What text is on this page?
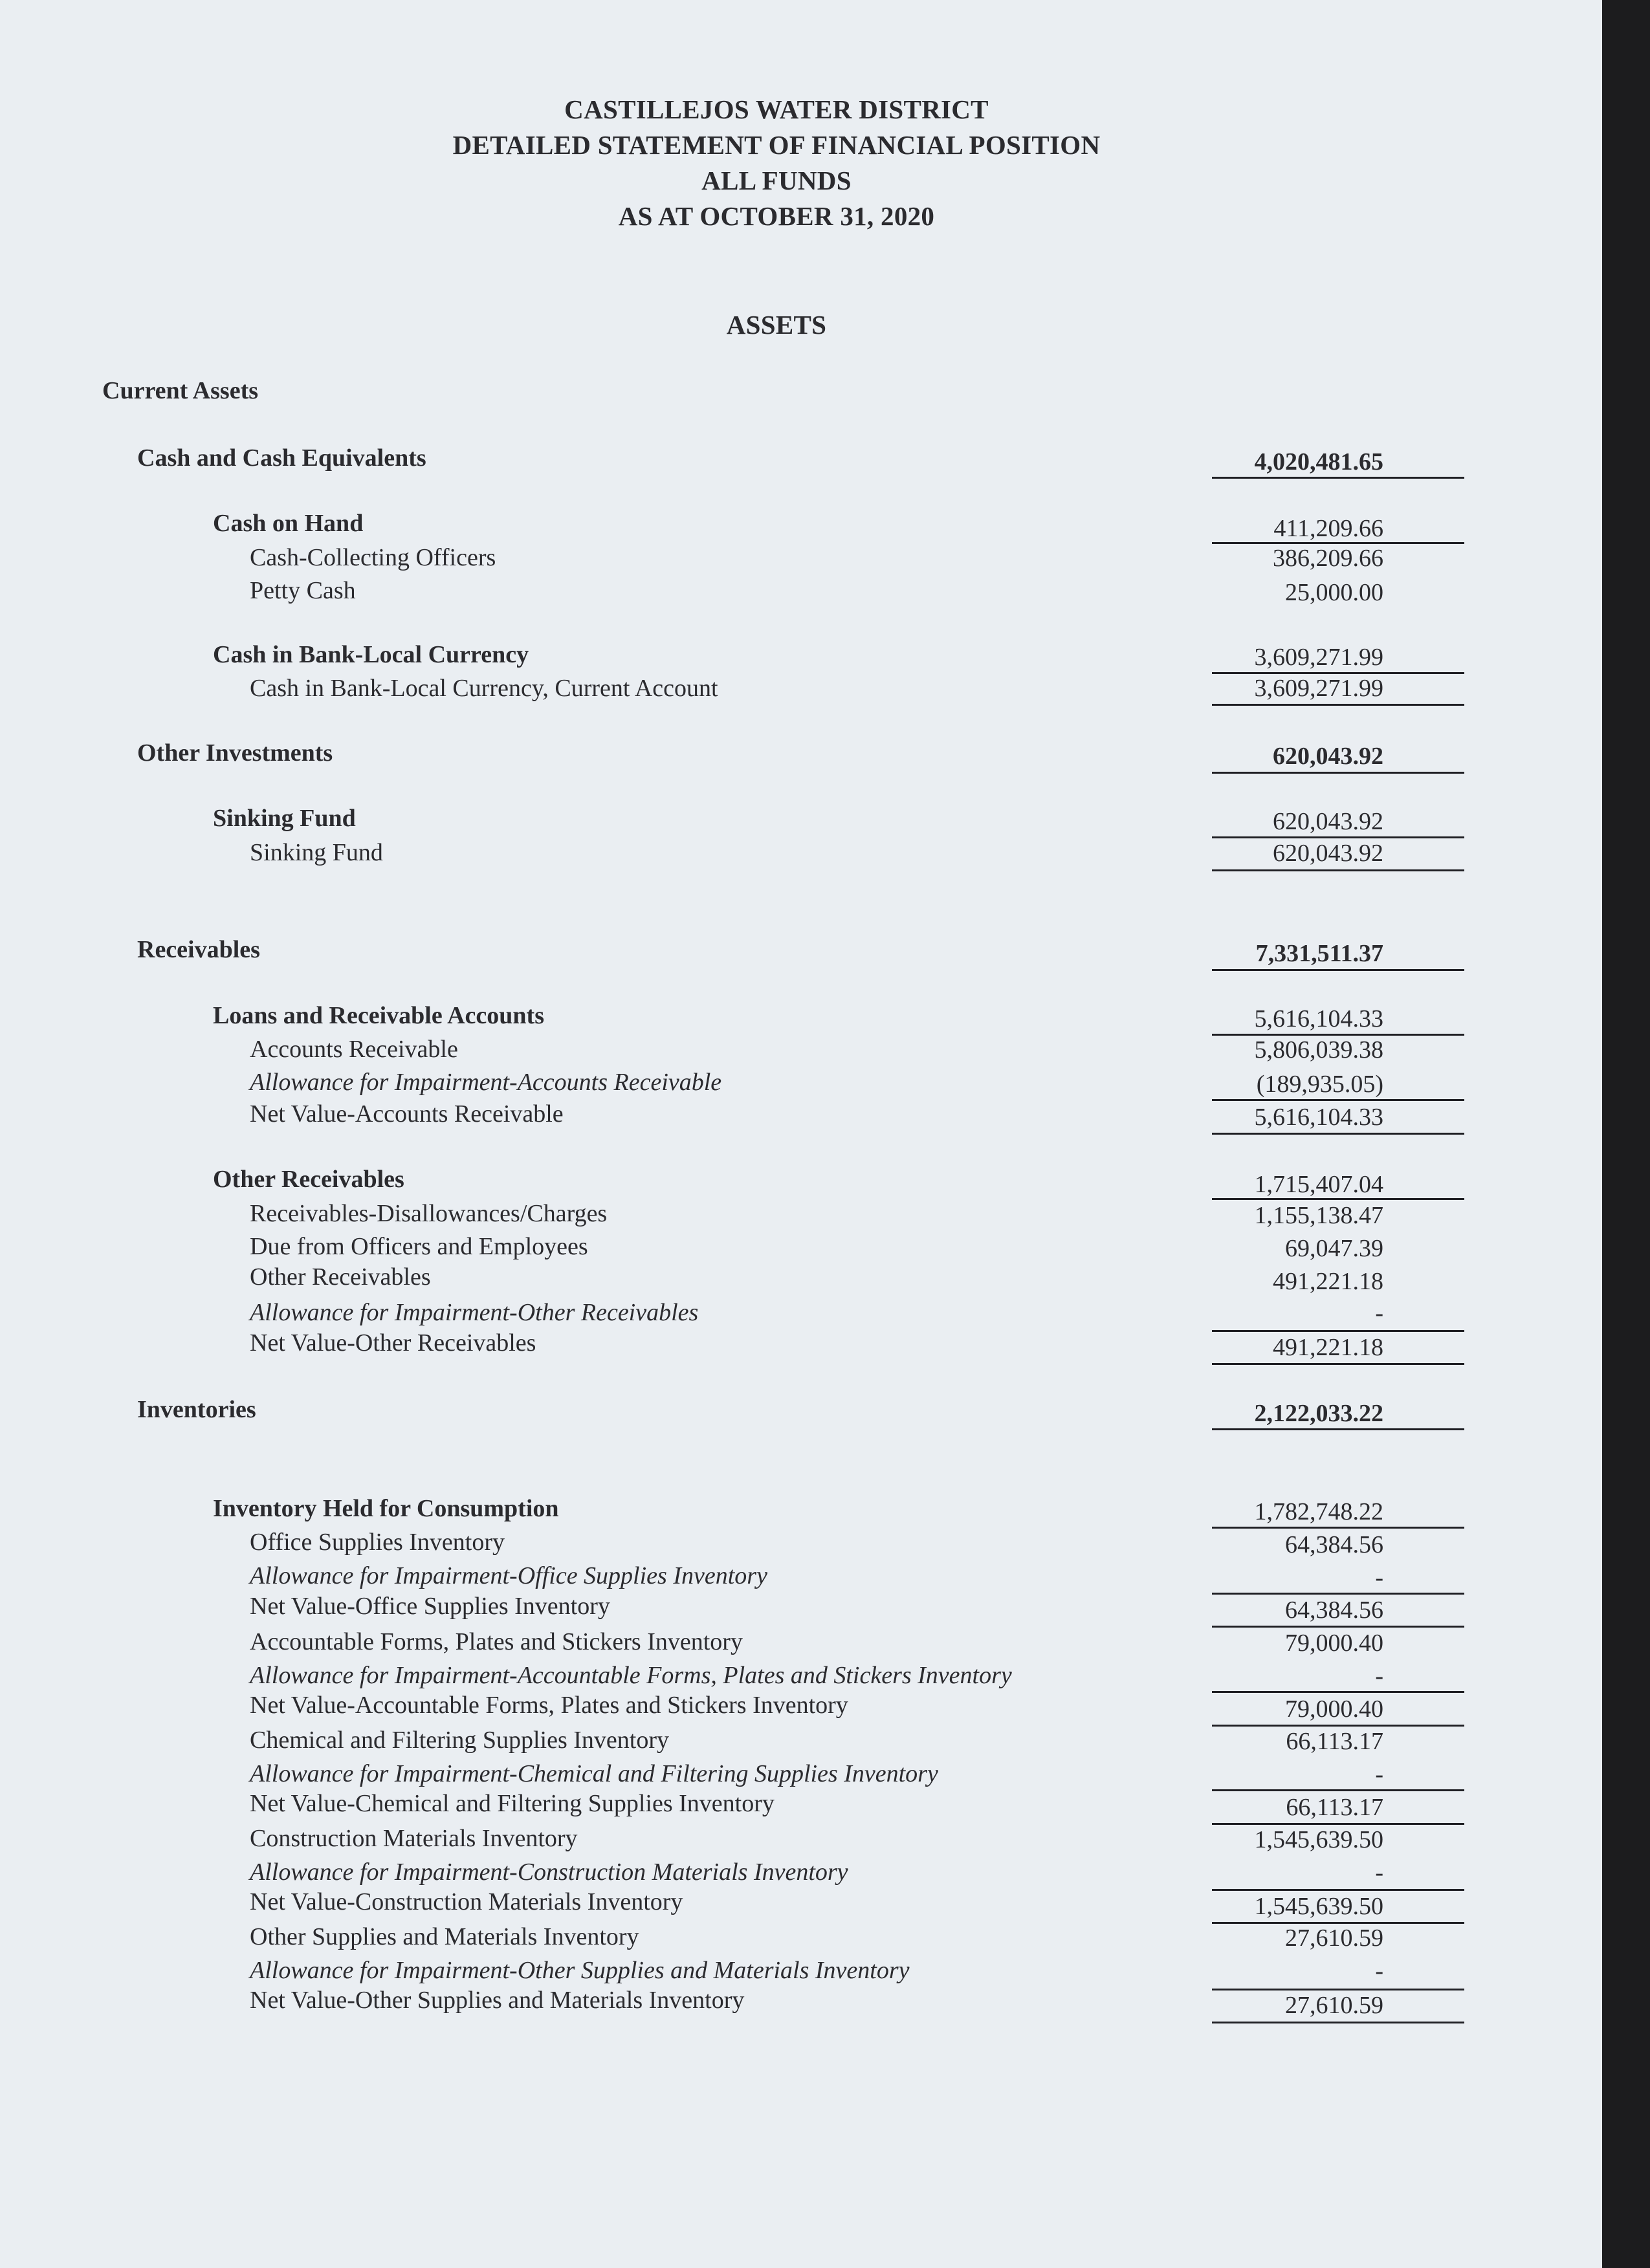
CASTILLEJOS WATER DISTRICT
DETAILED STATEMENT OF FINANCIAL POSITION
ALL FUNDS
AS AT OCTOBER 31, 2020
ASSETS
Current Assets
Cash and Cash Equivalents	4,020,481.65
Cash on Hand	411,209.66
Cash-Collecting Officers	386,209.66
Petty Cash	25,000.00
Cash in Bank-Local Currency	3,609,271.99
Cash in Bank-Local Currency, Current Account	3,609,271.99
Other Investments	620,043.92
Sinking Fund	620,043.92
Sinking Fund	620,043.92
Receivables	7,331,511.37
Loans and Receivable Accounts	5,616,104.33
Accounts Receivable	5,806,039.38
Allowance for Impairment-Accounts Receivable	(189,935.05)
Net Value-Accounts Receivable	5,616,104.33
Other Receivables	1,715,407.04
Receivables-Disallowances/Charges	1,155,138.47
Due from Officers and Employees	69,047.39
Other Receivables	491,221.18
Allowance for Impairment-Other Receivables	-
Net Value-Other Receivables	491,221.18
Inventories	2,122,033.22
Inventory Held for Consumption	1,782,748.22
Office Supplies Inventory	64,384.56
Allowance for Impairment-Office Supplies Inventory	-
Net Value-Office Supplies Inventory	64,384.56
Accountable Forms, Plates and Stickers Inventory	79,000.40
Allowance for Impairment-Accountable Forms, Plates and Stickers Inventory	-
Net Value-Accountable Forms, Plates and Stickers Inventory	79,000.40
Chemical and Filtering Supplies Inventory	66,113.17
Allowance for Impairment-Chemical and Filtering Supplies Inventory	-
Net Value-Chemical and Filtering Supplies Inventory	66,113.17
Construction Materials Inventory	1,545,639.50
Allowance for Impairment-Construction Materials Inventory	-
Net Value-Construction Materials Inventory	1,545,639.50
Other Supplies and Materials Inventory	27,610.59
Allowance for Impairment-Other Supplies and Materials Inventory	-
Net Value-Other Supplies and Materials Inventory	27,610.59
